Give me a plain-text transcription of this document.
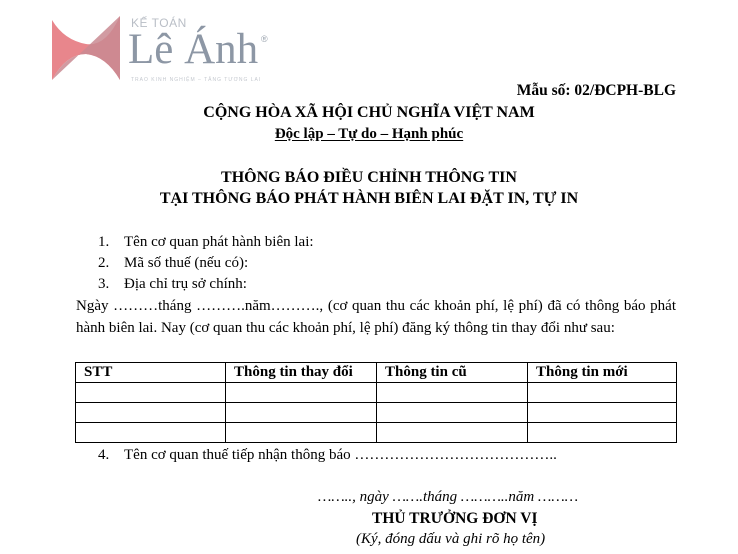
KẾ TOÁN
Lê Ánh ®
TRAO KINH NGHIỆM – TĂNG TƯƠNG LAI
Mẫu số: 02/ĐCPH-BLG
CỘNG HÒA XÃ HỘI CHỦ NGHĨA VIỆT NAM
Độc lập – Tự do – Hạnh phúc
THÔNG BÁO ĐIỀU CHỈNH THÔNG TIN
TẠI THÔNG BÁO PHÁT HÀNH BIÊN LAI ĐẶT IN, TỰ IN
1. Tên cơ quan phát hành biên lai:
2. Mã số thuế (nếu có):
3. Địa chỉ trụ sở chính:
Ngày ………tháng ……….năm………., (cơ quan thu các khoản phí, lệ phí) đã có thông báo phát hành biên lai. Nay (cơ quan thu các khoản phí, lệ phí) đăng ký thông tin thay đổi như sau:
STT	Thông tin thay đổi	Thông tin cũ	Thông tin mới

4. Tên cơ quan thuế tiếp nhận thông báo …………………………………..
…….., ngày …….tháng ………..năm ………
THỦ TRƯỞNG ĐƠN VỊ
(Ký, đóng dấu và ghi rõ họ tên)
